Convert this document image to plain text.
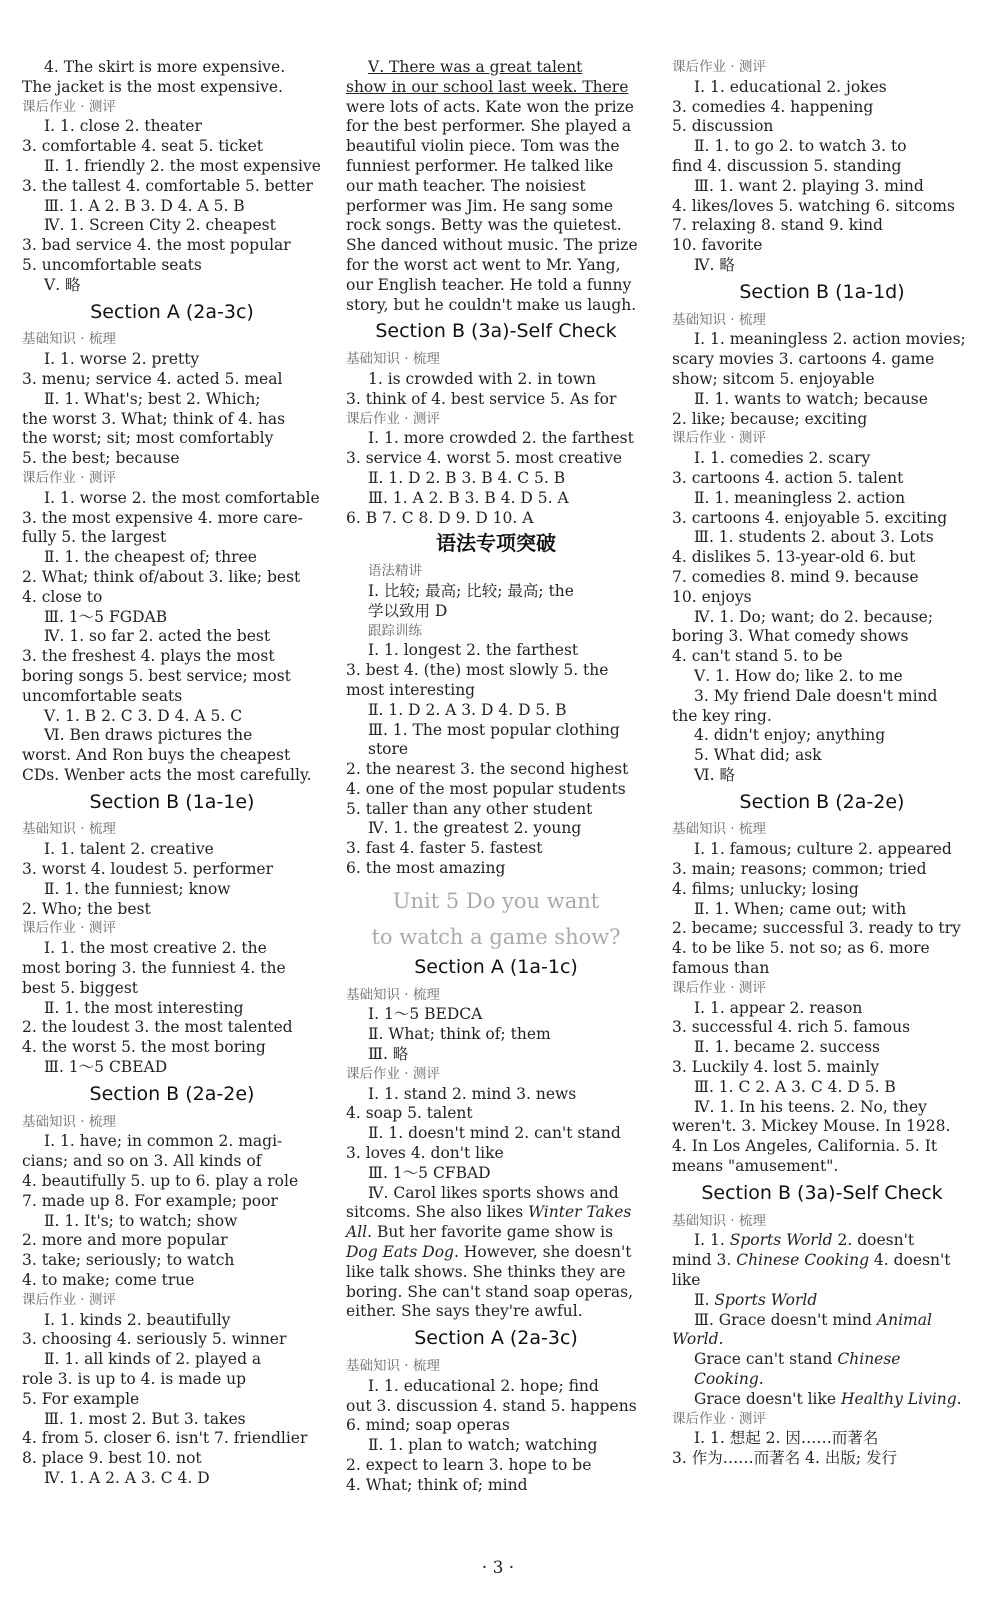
4. The skirt is more expensive.
The jacket is the most expensive.
课后作业 · 测评
Ⅰ. 1. close 2. theater
3. comfortable 4. seat 5. ticket
Ⅱ. 1. friendly 2. the most expensive
3. the tallest 4. comfortable 5. better
Ⅲ. 1. A 2. B 3. D 4. A 5. B
Ⅳ. 1. Screen City 2. cheapest
3. bad service 4. the most popular
5. uncomfortable seats
Ⅴ. 略
Section A (2a-3c)
基础知识 · 梳理
Ⅰ. 1. worse 2. pretty
3. menu; service 4. acted 5. meal
Ⅱ. 1. What's; best 2. Which;
the worst 3. What; think of 4. has
the worst; sit; most comfortably
5. the best; because
课后作业 · 测评
Ⅰ. 1. worse 2. the most comfortable
3. the most expensive 4. more care-
fully 5. the largest
Ⅱ. 1. the cheapest of; three
2. What; think of/about 3. like; best
4. close to
Ⅲ. 1～5 FGDAB
Ⅳ. 1. so far 2. acted the best
3. the freshest 4. plays the most
boring songs 5. best service; most
uncomfortable seats
Ⅴ. 1. B 2. C 3. D 4. A 5. C
Ⅵ. Ben draws pictures the
worst. And Ron buys the cheapest
CDs. Wenber acts the most carefully.
Section B (1a-1e)
基础知识 · 梳理
Ⅰ. 1. talent 2. creative
3. worst 4. loudest 5. performer
Ⅱ. 1. the funniest; know
2. Who; the best
课后作业 · 测评
Ⅰ. 1. the most creative 2. the
most boring 3. the funniest 4. the
best 5. biggest
Ⅱ. 1. the most interesting
2. the loudest 3. the most talented
4. the worst 5. the most boring
Ⅲ. 1～5 CBEAD
Section B (2a-2e)
基础知识 · 梳理
Ⅰ. 1. have; in common 2. magi-
cians; and so on 3. All kinds of
4. beautifully 5. up to 6. play a role
7. made up 8. For example; poor
Ⅱ. 1. It's; to watch; show
2. more and more popular
3. take; seriously; to watch
4. to make; come true
课后作业 · 测评
Ⅰ. 1. kinds 2. beautifully
3. choosing 4. seriously 5. winner
Ⅱ. 1. all kinds of 2. played a
role 3. is up to 4. is made up
5. For example
Ⅲ. 1. most 2. But 3. takes
4. from 5. closer 6. isn't 7. friendlier
8. place 9. best 10. not
Ⅳ. 1. A 2. A 3. C 4. D
Ⅴ. There was a great talent
show in our school last week. There
were lots of acts. Kate won the prize
for the best performer. She played a
beautiful violin piece. Tom was the
funniest performer. He talked like
our math teacher. The noisiest
performer was Jim. He sang some
rock songs. Betty was the quietest.
She danced without music. The prize
for the worst act went to Mr. Yang,
our English teacher. He told a funny
story, but he couldn't make us laugh.
Section B (3a)-Self Check
基础知识 · 梳理
1. is crowded with 2. in town
3. think of 4. best service 5. As for
课后作业 · 测评
Ⅰ. 1. more crowded 2. the farthest
3. service 4. worst 5. most creative
Ⅱ. 1. D 2. B 3. B 4. C 5. B
Ⅲ. 1. A 2. B 3. B 4. D 5. A
6. B 7. C 8. D 9. D 10. A
语法专项突破
语法精讲
Ⅰ. 比较; 最高; 比较; 最高; the
学以致用 D
跟踪训练
Ⅰ. 1. longest 2. the farthest
3. best 4. (the) most slowly 5. the
most interesting
Ⅱ. 1. D 2. A 3. D 4. D 5. B
Ⅲ. 1. The most popular clothing store
2. the nearest 3. the second highest
4. one of the most popular students
5. taller than any other student
Ⅳ. 1. the greatest 2. young
3. fast 4. faster 5. fastest
6. the most amazing
Unit 5 Do you want
to watch a game show?
Section A (1a-1c)
基础知识 · 梳理
Ⅰ. 1～5 BEDCA
Ⅱ. What; think of; them
Ⅲ. 略
课后作业 · 测评
Ⅰ. 1. stand 2. mind 3. news
4. soap 5. talent
Ⅱ. 1. doesn't mind 2. can't stand
3. loves 4. don't like
Ⅲ. 1～5 CFBAD
Ⅳ. Carol likes sports shows and
sitcoms. She also likes Winter Takes
All. But her favorite game show is
Dog Eats Dog. However, she doesn't
like talk shows. She thinks they are
boring. She can't stand soap operas,
either. She says they're awful.
Section A (2a-3c)
基础知识 · 梳理
Ⅰ. 1. educational 2. hope; find
out 3. discussion 4. stand 5. happens
6. mind; soap operas
Ⅱ. 1. plan to watch; watching
2. expect to learn 3. hope to be
4. What; think of; mind
课后作业 · 测评
Ⅰ. 1. educational 2. jokes
3. comedies 4. happening
5. discussion
Ⅱ. 1. to go 2. to watch 3. to
find 4. discussion 5. standing
Ⅲ. 1. want 2. playing 3. mind
4. likes/loves 5. watching 6. sitcoms
7. relaxing 8. stand 9. kind
10. favorite
Ⅳ. 略
Section B (1a-1d)
基础知识 · 梳理
Ⅰ. 1. meaningless 2. action movies;
scary movies 3. cartoons 4. game
show; sitcom 5. enjoyable
Ⅱ. 1. wants to watch; because
2. like; because; exciting
课后作业 · 测评
Ⅰ. 1. comedies 2. scary
3. cartoons 4. action 5. talent
Ⅱ. 1. meaningless 2. action
3. cartoons 4. enjoyable 5. exciting
Ⅲ. 1. students 2. about 3. Lots
4. dislikes 5. 13-year-old 6. but
7. comedies 8. mind 9. because
10. enjoys
Ⅳ. 1. Do; want; do 2. because;
boring 3. What comedy shows
4. can't stand 5. to be
Ⅴ. 1. How do; like 2. to me
3. My friend Dale doesn't mind
the key ring.
4. didn't enjoy; anything
5. What did; ask
Ⅵ. 略
Section B (2a-2e)
基础知识 · 梳理
Ⅰ. 1. famous; culture 2. appeared
3. main; reasons; common; tried
4. films; unlucky; losing
Ⅱ. 1. When; came out; with
2. became; successful 3. ready to try
4. to be like 5. not so; as 6. more
famous than
课后作业 · 测评
Ⅰ. 1. appear 2. reason
3. successful 4. rich 5. famous
Ⅱ. 1. became 2. success
3. Luckily 4. lost 5. mainly
Ⅲ. 1. C 2. A 3. C 4. D 5. B
Ⅳ. 1. In his teens. 2. No, they
weren't. 3. Mickey Mouse. In 1928.
4. In Los Angeles, California. 5. It
means "amusement".
Section B (3a)-Self Check
基础知识 · 梳理
Ⅰ. 1. Sports World 2. doesn't
mind 3. Chinese Cooking 4. doesn't
like
Ⅱ. Sports World
Ⅲ. Grace doesn't mind Animal
World.
Grace can't stand Chinese Cooking.
Grace doesn't like Healthy Living.
课后作业 · 测评
Ⅰ. 1. 想起 2. 因……而著名
3. 作为……而著名 4. 出版; 发行
· 3 ·
